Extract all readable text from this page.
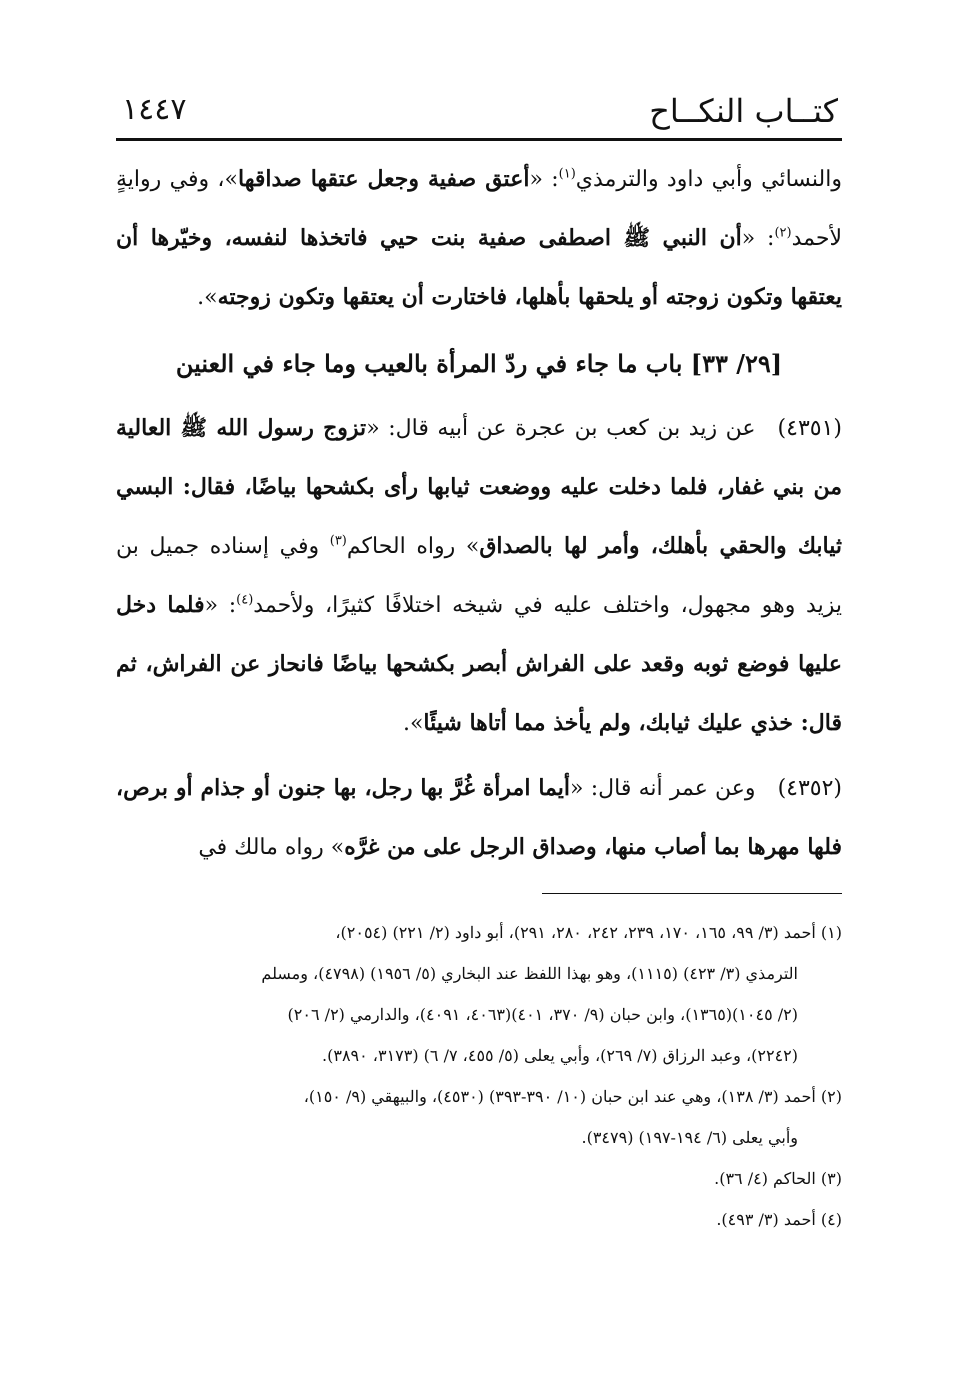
كتــاب النكــاح
١٤٤٧

والنسائي وأبي داود والترمذي$^{(١)}$: «أعتق صفية وجعل عتقها صداقها»، وفي روايةٍ لأحمد$^{(٢)}$: «أن النبي ﷺ اصطفى صفية بنت حيي فاتخذها لنفسه، وخيّرها أن يعتقها وتكون زوجته أو يلحقها بأهلها، فاختارت أن يعتقها وتكون زوجته».

[٢٩/ ٣٣] باب ما جاء في ردّ المرأة بالعيب وما جاء في العنين

(٤٣٥١)عن زيد بن كعب بن عجرة عن أبيه قال: «تزوج رسول الله ﷺ العالية من بني غفار، فلما دخلت عليه ووضعت ثيابها رأى بكشحها بياضًا، فقال: البسي ثيابك والحقي بأهلك، وأمر لها بالصداق» رواه الحاكم$^{(٣)}$ وفي إسناده جميل بن يزيد وهو مجهول، واختلف عليه في شيخه اختلافًا كثيرًا، ولأحمد$^{(٤)}$: «فلما دخل عليها فوضع ثوبه وقعد على الفراش أبصر بكشحها بياضًا فانحاز عن الفراش، ثم قال: خذي عليك ثيابك، ولم يأخذ مما أتاها شيئًا».

(٤٣٥٢)وعن عمر أنه قال: «أيما امرأة غُرَّ بها رجل، بها جنون أو جذام أو برص، فلها مهرها بما أصاب منها، وصداق الرجل على من غرَّه» رواه مالك في

(١) أحمد (٣/ ٩٩، ١٦٥، ١٧٠، ٢٣٩، ٢٤٢، ٢٨٠، ٢٩١)، أبو داود (٢/ ٢٢١) (٢٠٥٤)،
الترمذي (٣/ ٤٢٣) (١١١٥)، وهو بهذا اللفظ عند البخاري (٥/ ١٩٥٦) (٤٧٩٨)، ومسلم
(٢/ ١٠٤٥)(١٣٦٥)، وابن حبان (٩/ ٣٧٠، ٤٠١)(٤٠٦٣، ٤٠٩١)، والدارمي (٢/ ٢٠٦)
(٢٢٤٢)، وعبد الرزاق (٧/ ٢٦٩)، وأبي يعلى (٥/ ٤٥٥، ٧/ ٦) (٣١٧٣، ٣٨٩٠).

(٢) أحمد (٣/ ١٣٨)، وهي عند ابن حبان (١٠/ ٣٩٠-٣٩٣) (٤٥٣٠)، والبيهقي (٩/ ١٥٠)،
وأبي يعلى (٦/ ١٩٤-١٩٧) (٣٤٧٩).

(٣) الحاكم (٤/ ٣٦).

(٤) أحمد (٣/ ٤٩٣).
